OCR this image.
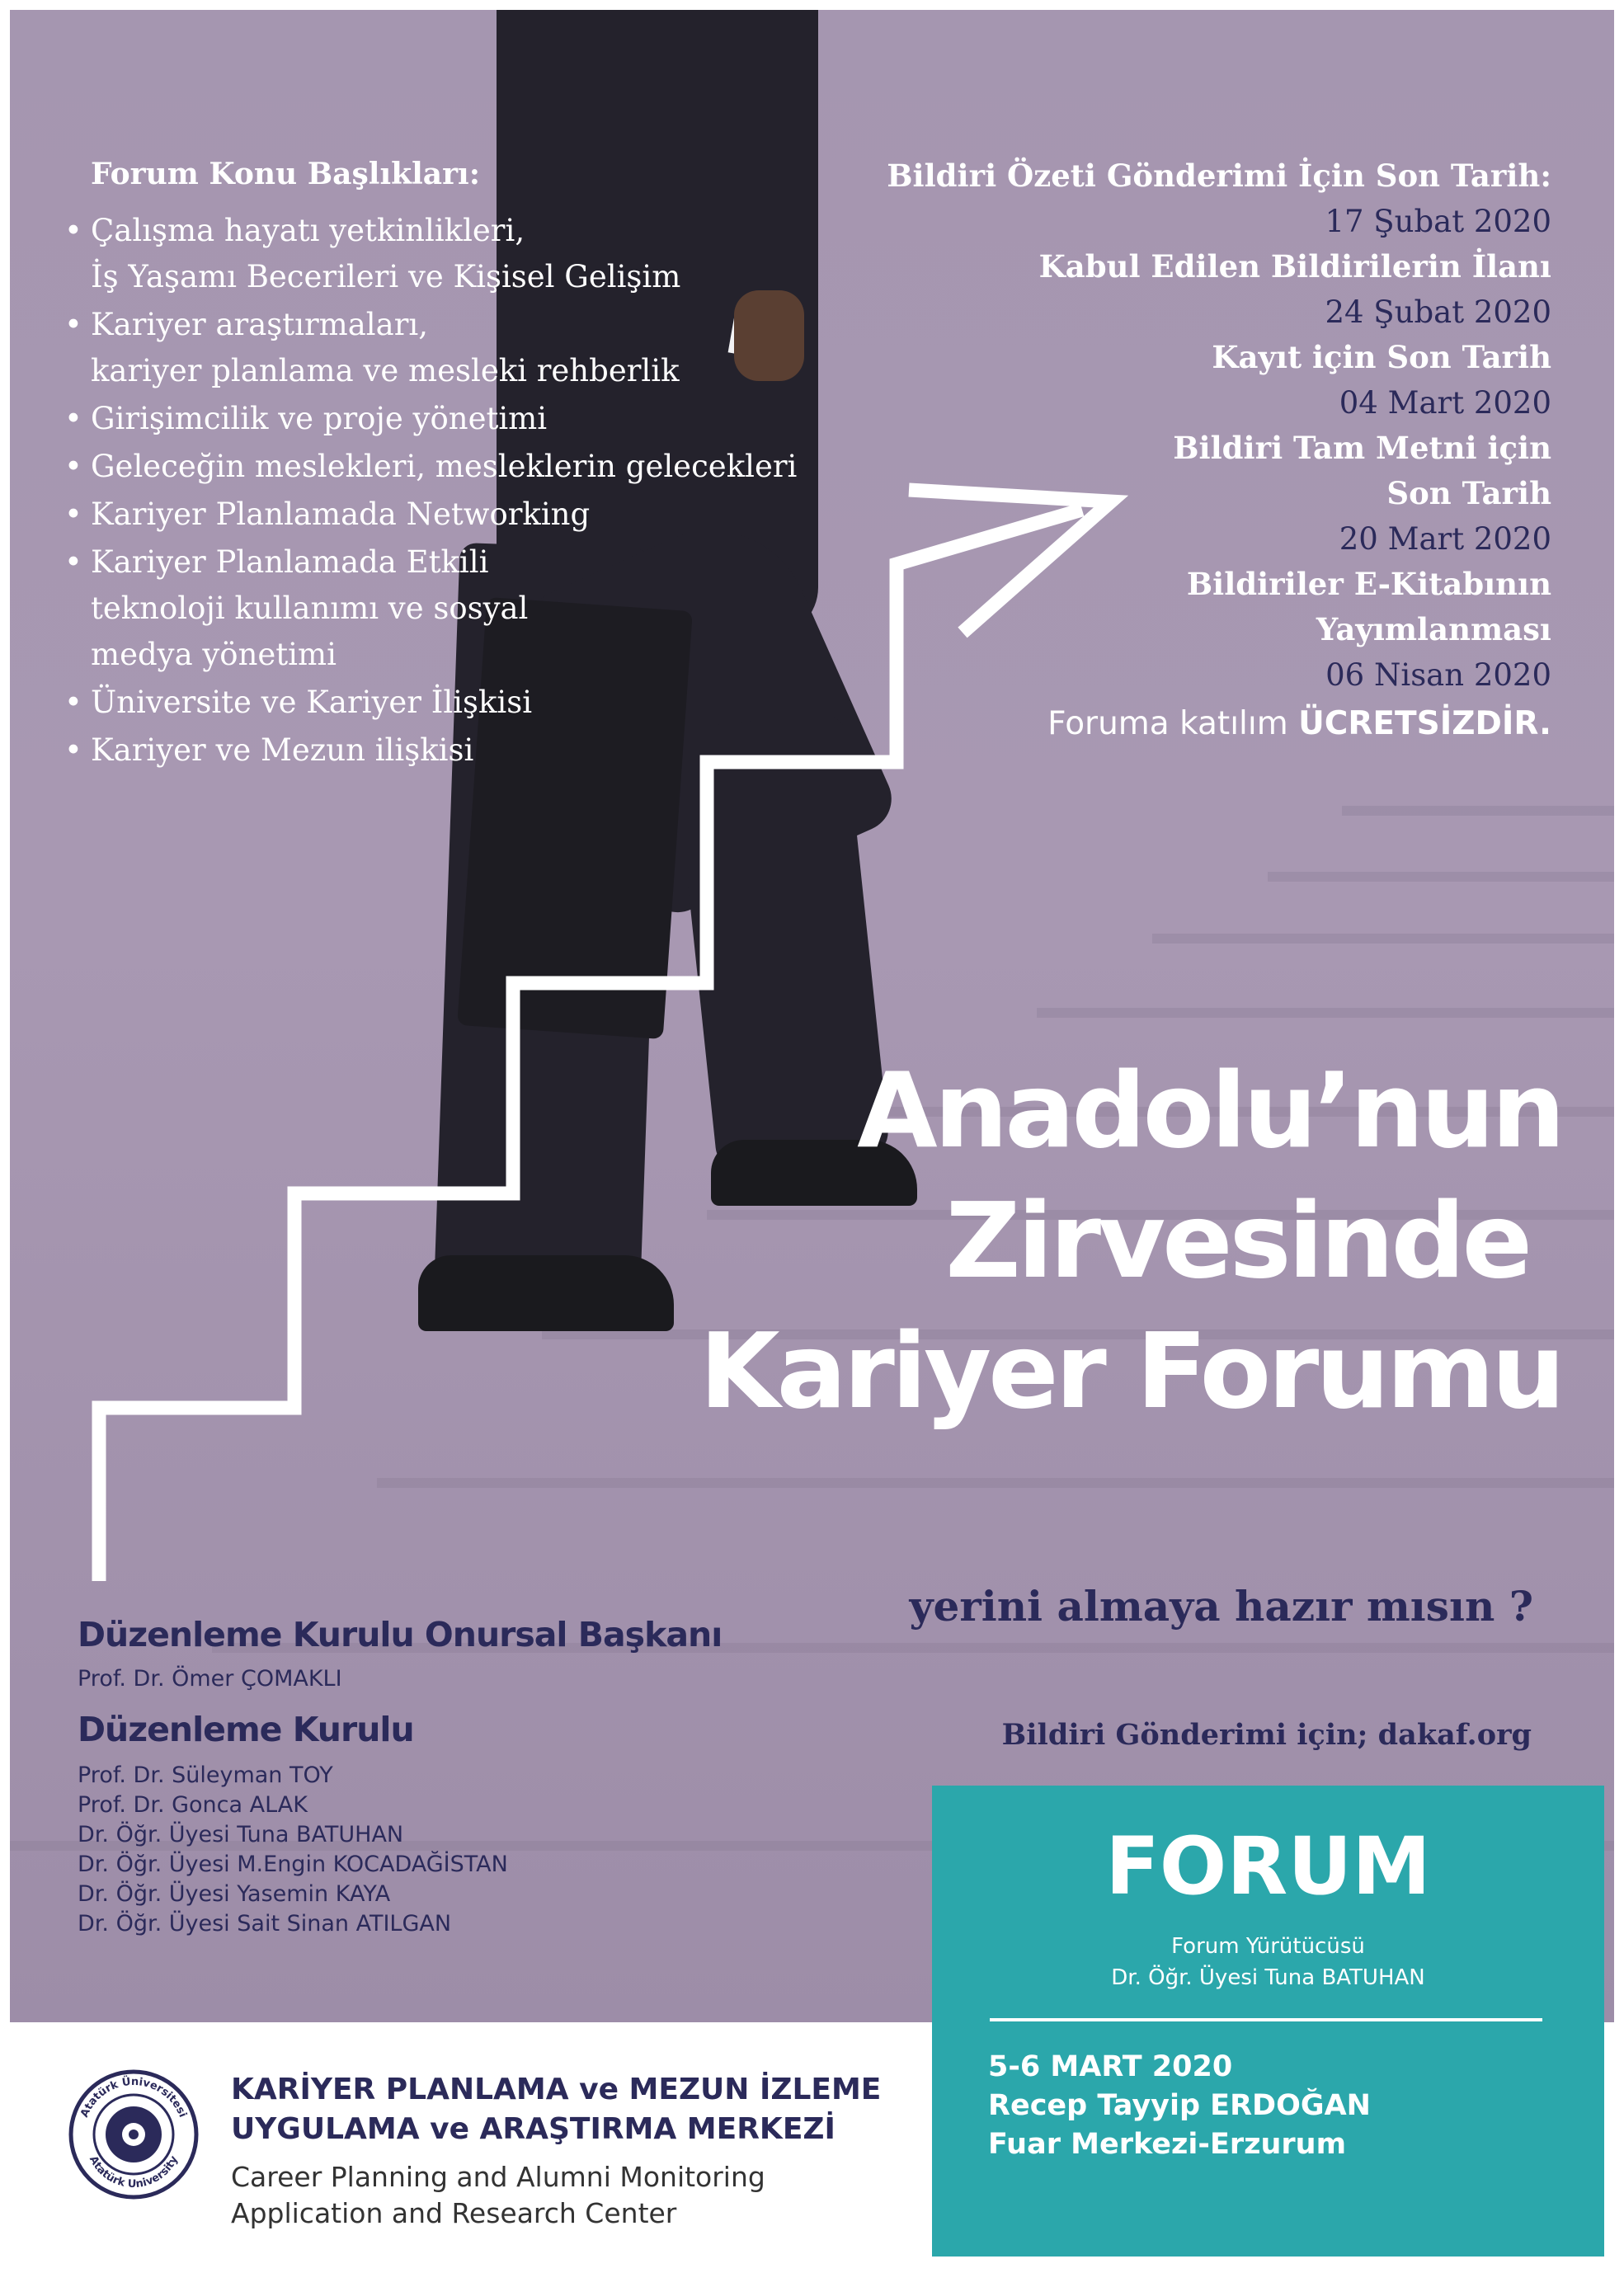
Forum Konu Başlıkları:
• Çalışma hayatı yetkinlikleri,
İş Yaşamı Becerileri ve Kişisel Gelişim
• Kariyer araştırmaları,
kariyer planlama ve mesleki rehberlik
• Girişimcilik ve proje yönetimi
• Geleceğin meslekleri, mesleklerin gelecekleri
• Kariyer Planlamada Networking
• Kariyer Planlamada Etkili
teknoloji kullanımı ve sosyal
medya yönetimi
• Üniversite ve Kariyer İlişkisi
• Kariyer ve Mezun ilişkisi
Bildiri Özeti Gönderimi İçin Son Tarih:
17 Şubat 2020
Kabul Edilen Bildirilerin İlanı
24 Şubat 2020
Kayıt için Son Tarih
04 Mart 2020
Bildiri Tam Metni için
Son Tarih
20 Mart 2020
Bildiriler E-Kitabının
Yayımlanması
06 Nisan 2020
Foruma katılım ÜCRETSİZDİR.
Anadolu’nun
Zirvesinde
Kariyer Forumu

yerini almaya hazır mısın ?

Bildiri Gönderimi için; dakaf.org

Düzenleme Kurulu Onursal Başkanı
Prof. Dr. Ömer ÇOMAKLI
Düzenleme Kurulu
Prof. Dr. Süleyman TOY
Prof. Dr. Gonca ALAK
Dr. Öğr. Üyesi Tuna BATUHAN
Dr. Öğr. Üyesi M.Engin KOCADAĞİSTAN
Dr. Öğr. Üyesi Yasemin KAYA
Dr. Öğr. Üyesi Sait Sinan ATILGAN
FORUM
Forum Yürütücüsü
Dr. Öğr. Üyesi Tuna BATUHAN
5-6 MART 2020
Recep Tayyip ERDOĞAN
Fuar Merkezi-Erzurum
Atatürk Üniversitesi
Atatürk University
KARİYER PLANLAMA ve MEZUN İZLEME
UYGULAMA ve ARAŞTIRMA MERKEZİ
Career Planning and Alumni Monitoring
Application and Research Center
